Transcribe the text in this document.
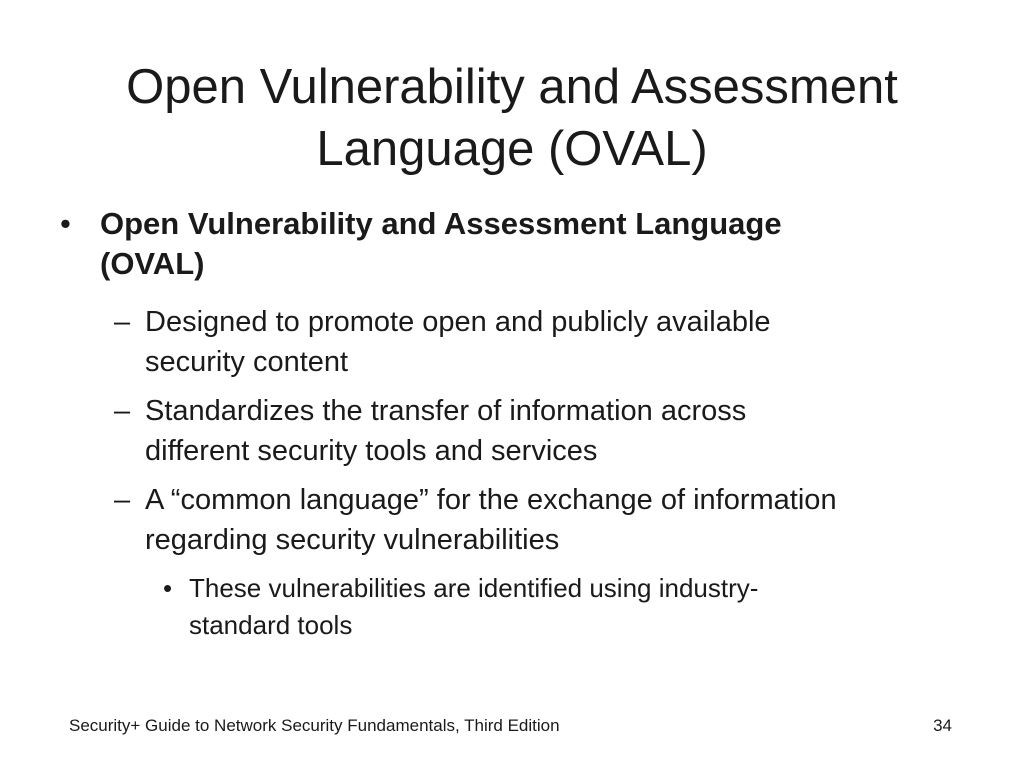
Open Vulnerability and Assessment
Language (OVAL)
• Open Vulnerability and Assessment Language
(OVAL)
– Designed to promote open and publicly available
security content
– Standardizes the transfer of information across
different security tools and services
– A “common language” for the exchange of information
regarding security vulnerabilities
• These vulnerabilities are identified using industry-
standard tools
Security+ Guide to Network Security Fundamentals, Third Edition	34
